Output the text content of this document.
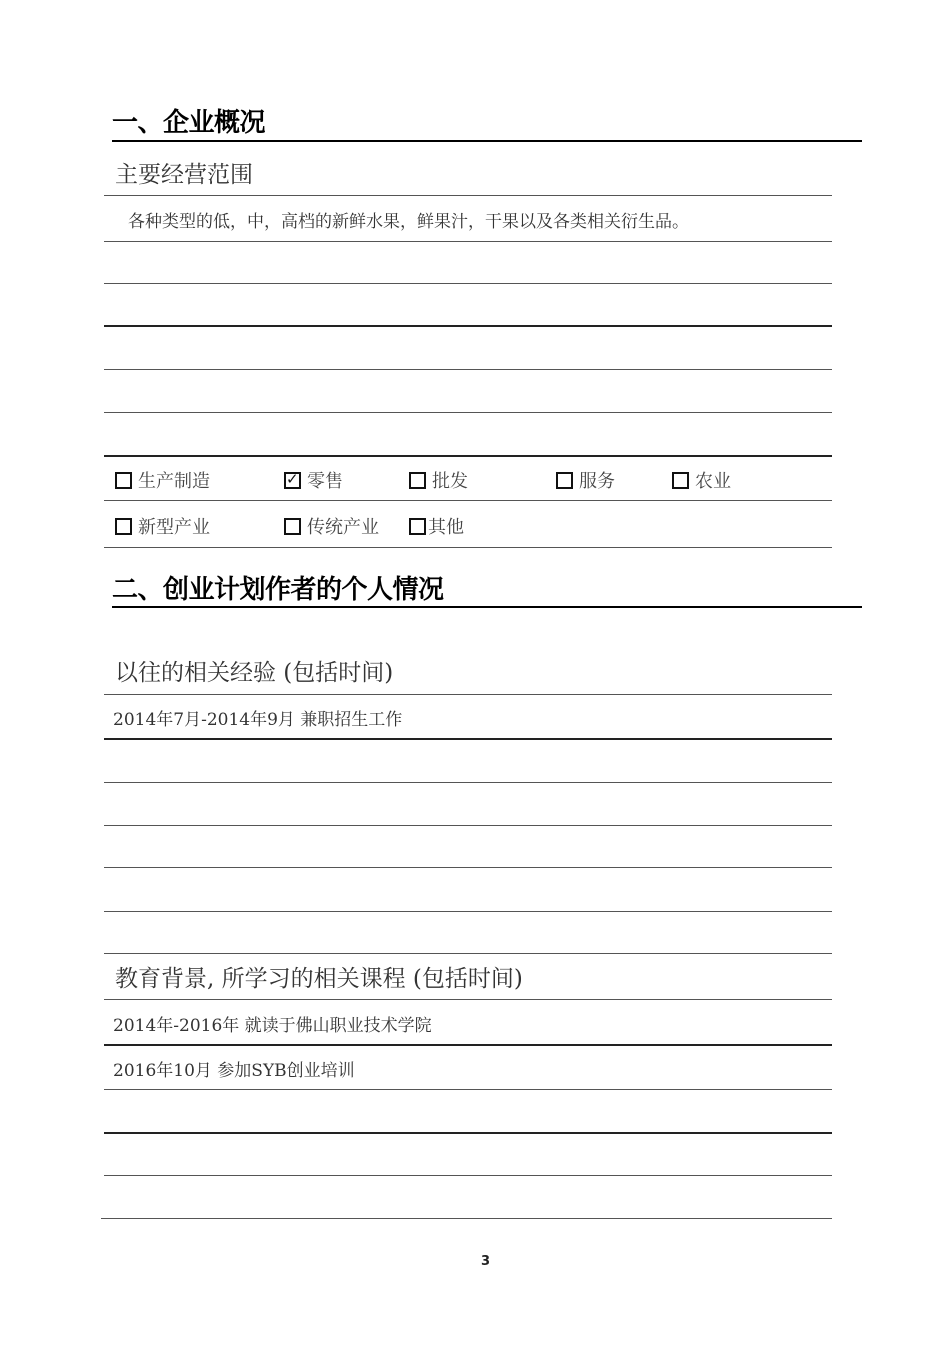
一、企业概况
主要经营范围
各种类型的低，中，高档的新鲜水果，鲜果汁，干果以及各类相关衍生品。
生产制造
✓	零售	批发	服务	农业
新型产业	传统产业	其他
二、创业计划作者的个人情况
以往的相关经验 (包括时间)
2014年7月-2014年9月 兼职招生工作
教育背景, 所学习的相关课程 (包括时间)
2014年-2016年 就读于佛山职业技术学院
2016年10月 参加SYB创业培训
3
